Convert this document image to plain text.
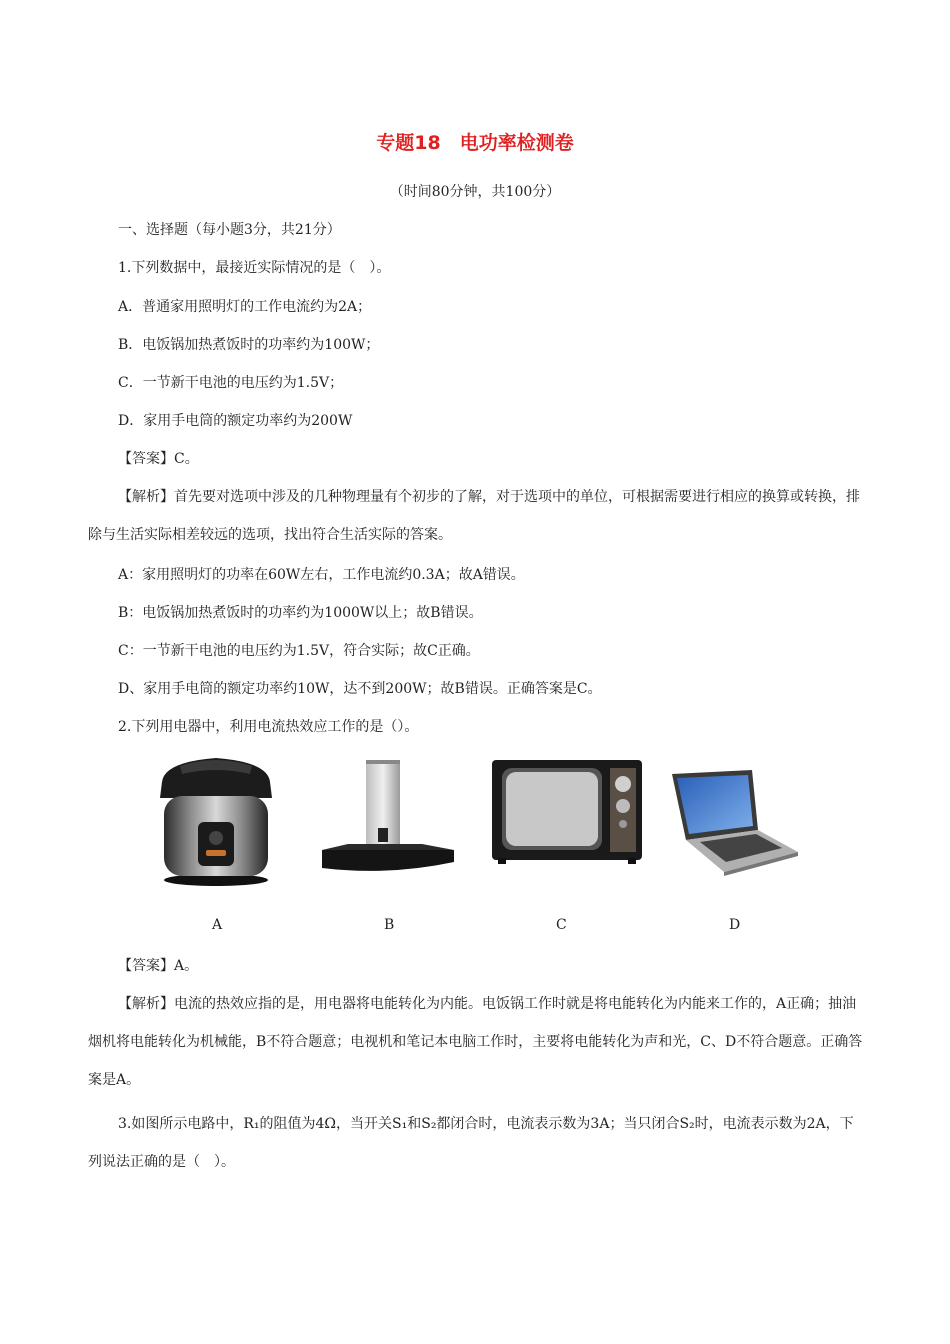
专题18　电功率检测卷
（时间80分钟，共100分）
一、选择题（每小题3分，共21分）
1.下列数据中，最接近实际情况的是（　）。
A．普通家用照明灯的工作电流约为2A；
B．电饭锅加热煮饭时的功率约为100W；
C．一节新干电池的电压约为1.5V；
D．家用手电筒的额定功率约为200W
【答案】C。
【解析】首先要对选项中涉及的几种物理量有个初步的了解，对于选项中的单位，可根据需要进行相应的换算或转换，排除与生活实际相差较远的选项，找出符合生活实际的答案。
A：家用照明灯的功率在60W左右，工作电流约0.3A；故A错误。
B：电饭锅加热煮饭时的功率约为1000W以上；故B错误。
C：一节新干电池的电压约为1.5V，符合实际；故C正确。
D、家用手电筒的额定功率约10W，达不到200W；故B错误。正确答案是C。
2.下列用电器中，利用电流热效应工作的是（）。
A	B	C	D
【答案】A。
【解析】电流的热效应指的是，用电器将电能转化为内能。电饭锅工作时就是将电能转化为内能来工作的，A正确；抽油烟机将电能转化为机械能，B不符合题意；电视机和笔记本电脑工作时，主要将电能转化为声和光，C、D不符合题意。正确答案是A。
3.如图所示电路中，R₁的阻值为4Ω，当开关S₁和S₂都闭合时，电流表示数为3A；当只闭合S₂时，电流表示数为2A，下列说法正确的是（　）。
